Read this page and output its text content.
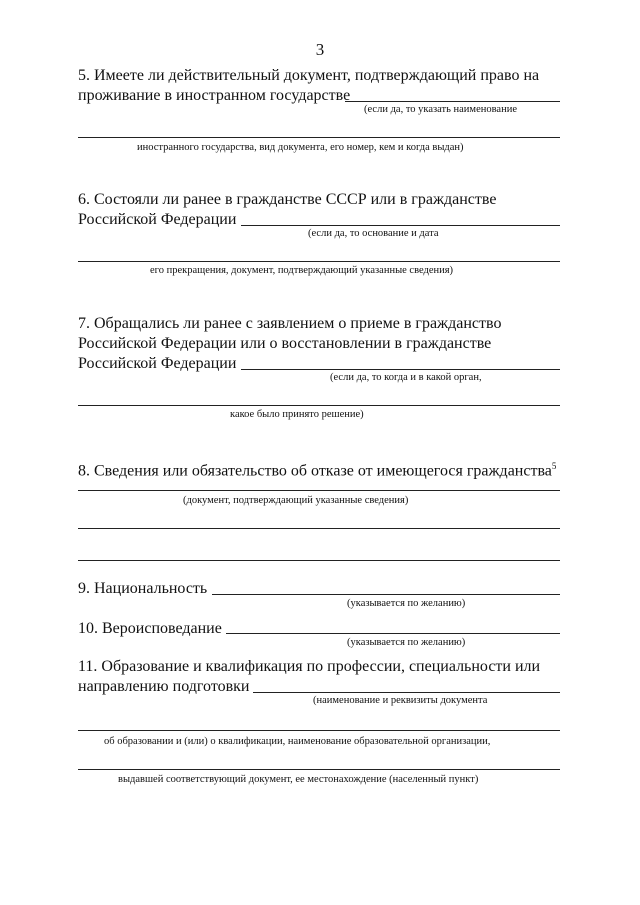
3
5. Имеете ли действительный документ, подтверждающий право на
проживание в иностранном государстве
(если да, то указать наименование
иностранного государства, вид документа, его номер, кем и когда выдан)
6. Состояли ли ранее в гражданстве СССР или в гражданстве
Российской Федерации
(если да, то основание и дата
его прекращения, документ, подтверждающий указанные сведения)
7. Обращались ли ранее с заявлением о приеме в гражданство
Российской Федерации или о восстановлении в гражданстве
Российской Федерации
(если да, то когда и в какой орган,
какое было принято решение)
8. Сведения или обязательство об отказе от имеющегося гражданства$^5$
(документ, подтверждающий указанные сведения)
9. Национальность
(указывается по желанию)
10. Вероисповедание
(указывается по желанию)
11. Образование и квалификация по профессии, специальности или
направлению подготовки
(наименование и реквизиты документа
об образовании и (или) о квалификации, наименование образовательной организации,
выдавшей соответствующий документ, ее местонахождение (населенный пункт)
